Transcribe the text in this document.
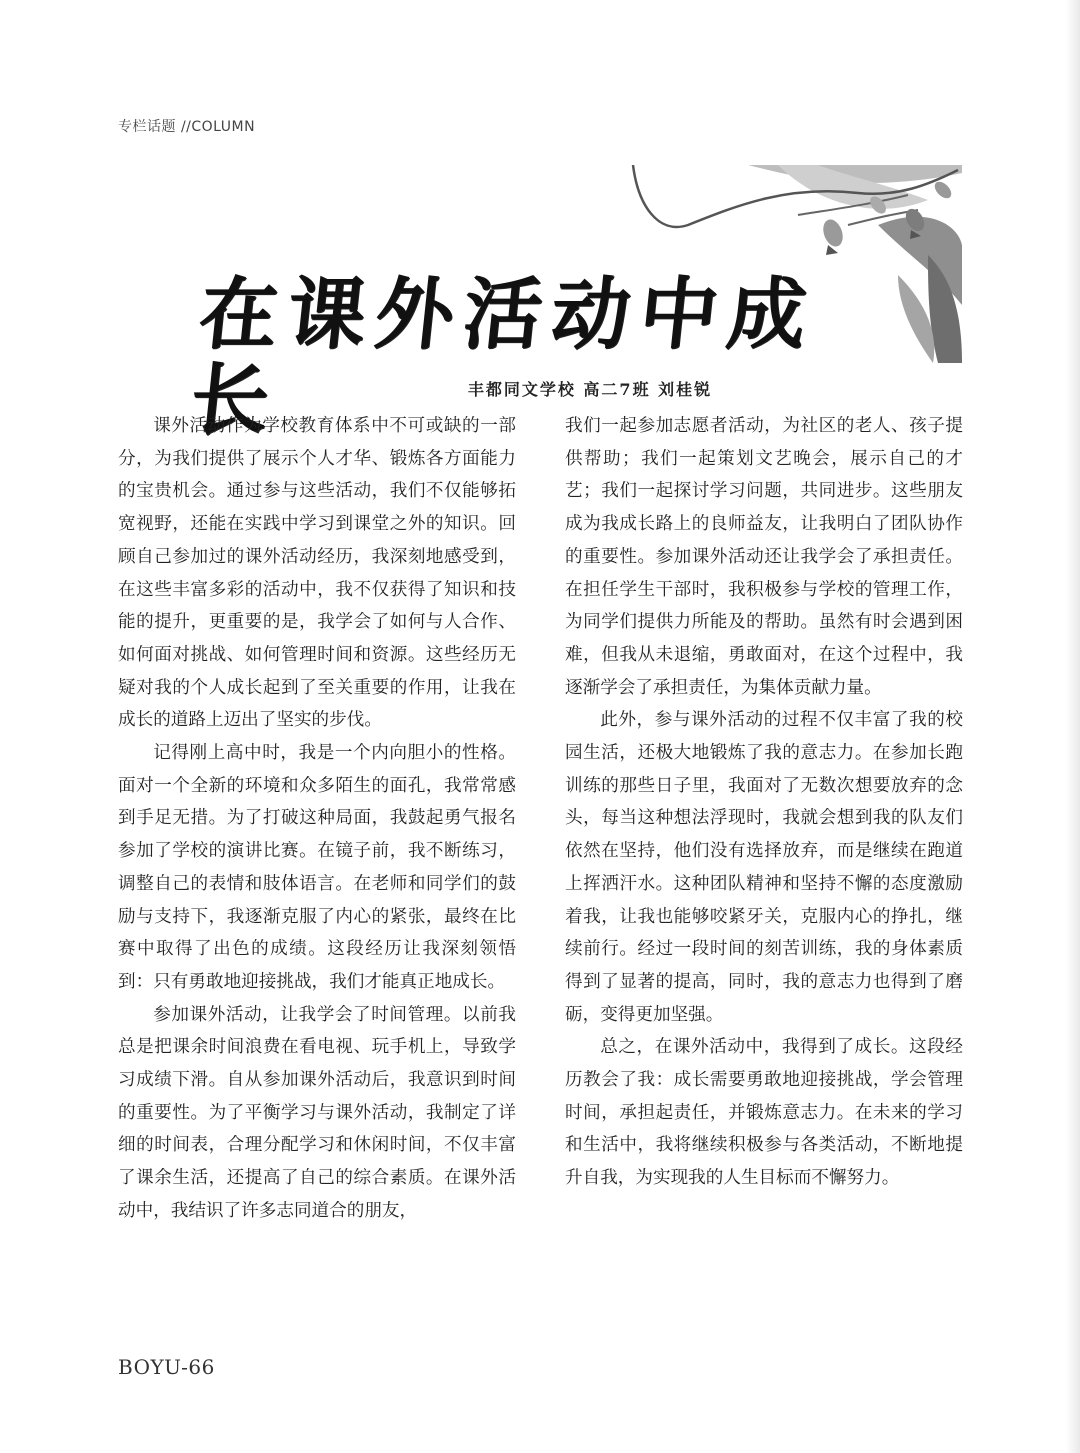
专栏话题 //COLUMN
在课外活动中成长	丰都同文学校 高二7班 刘桂锐

课外活动作为学校教育体系中不可或缺的一部分，为我们提供了展示个人才华、锻炼各方面能力的宝贵机会。通过参与这些活动，我们不仅能够拓宽视野，还能在实践中学习到课堂之外的知识。回顾自己参加过的课外活动经历，我深刻地感受到，在这些丰富多彩的活动中，我不仅获得了知识和技能的提升，更重要的是，我学会了如何与人合作、如何面对挑战、如何管理时间和资源。这些经历无疑对我的个人成长起到了至关重要的作用，让我在成长的道路上迈出了坚实的步伐。

记得刚上高中时，我是一个内向胆小的性格。面对一个全新的环境和众多陌生的面孔，我常常感到手足无措。为了打破这种局面，我鼓起勇气报名参加了学校的演讲比赛。在镜子前，我不断练习，调整自己的表情和肢体语言。在老师和同学们的鼓励与支持下，我逐渐克服了内心的紧张，最终在比赛中取得了出色的成绩。这段经历让我深刻领悟到：只有勇敢地迎接挑战，我们才能真正地成长。

参加课外活动，让我学会了时间管理。以前我总是把课余时间浪费在看电视、玩手机上，导致学习成绩下滑。自从参加课外活动后，我意识到时间的重要性。为了平衡学习与课外活动，我制定了详细的时间表，合理分配学习和休闲时间，不仅丰富了课余生活，还提高了自己的综合素质。在课外活动中，我结识了许多志同道合的朋友，

我们一起参加志愿者活动，为社区的老人、孩子提供帮助；我们一起策划文艺晚会，展示自己的才艺；我们一起探讨学习问题，共同进步。这些朋友成为我成长路上的良师益友，让我明白了团队协作的重要性。参加课外活动还让我学会了承担责任。在担任学生干部时，我积极参与学校的管理工作，为同学们提供力所能及的帮助。虽然有时会遇到困难，但我从未退缩，勇敢面对，在这个过程中，我逐渐学会了承担责任，为集体贡献力量。

此外，参与课外活动的过程不仅丰富了我的校园生活，还极大地锻炼了我的意志力。在参加长跑训练的那些日子里，我面对了无数次想要放弃的念头，每当这种想法浮现时，我就会想到我的队友们依然在坚持，他们没有选择放弃，而是继续在跑道上挥洒汗水。这种团队精神和坚持不懈的态度激励着我，让我也能够咬紧牙关，克服内心的挣扎，继续前行。经过一段时间的刻苦训练，我的身体素质得到了显著的提高，同时，我的意志力也得到了磨砺，变得更加坚强。

总之，在课外活动中，我得到了成长。这段经历教会了我：成长需要勇敢地迎接挑战，学会管理时间，承担起责任，并锻炼意志力。在未来的学习和生活中，我将继续积极参与各类活动，不断地提升自我，为实现我的人生目标而不懈努力。

BOYU-66
